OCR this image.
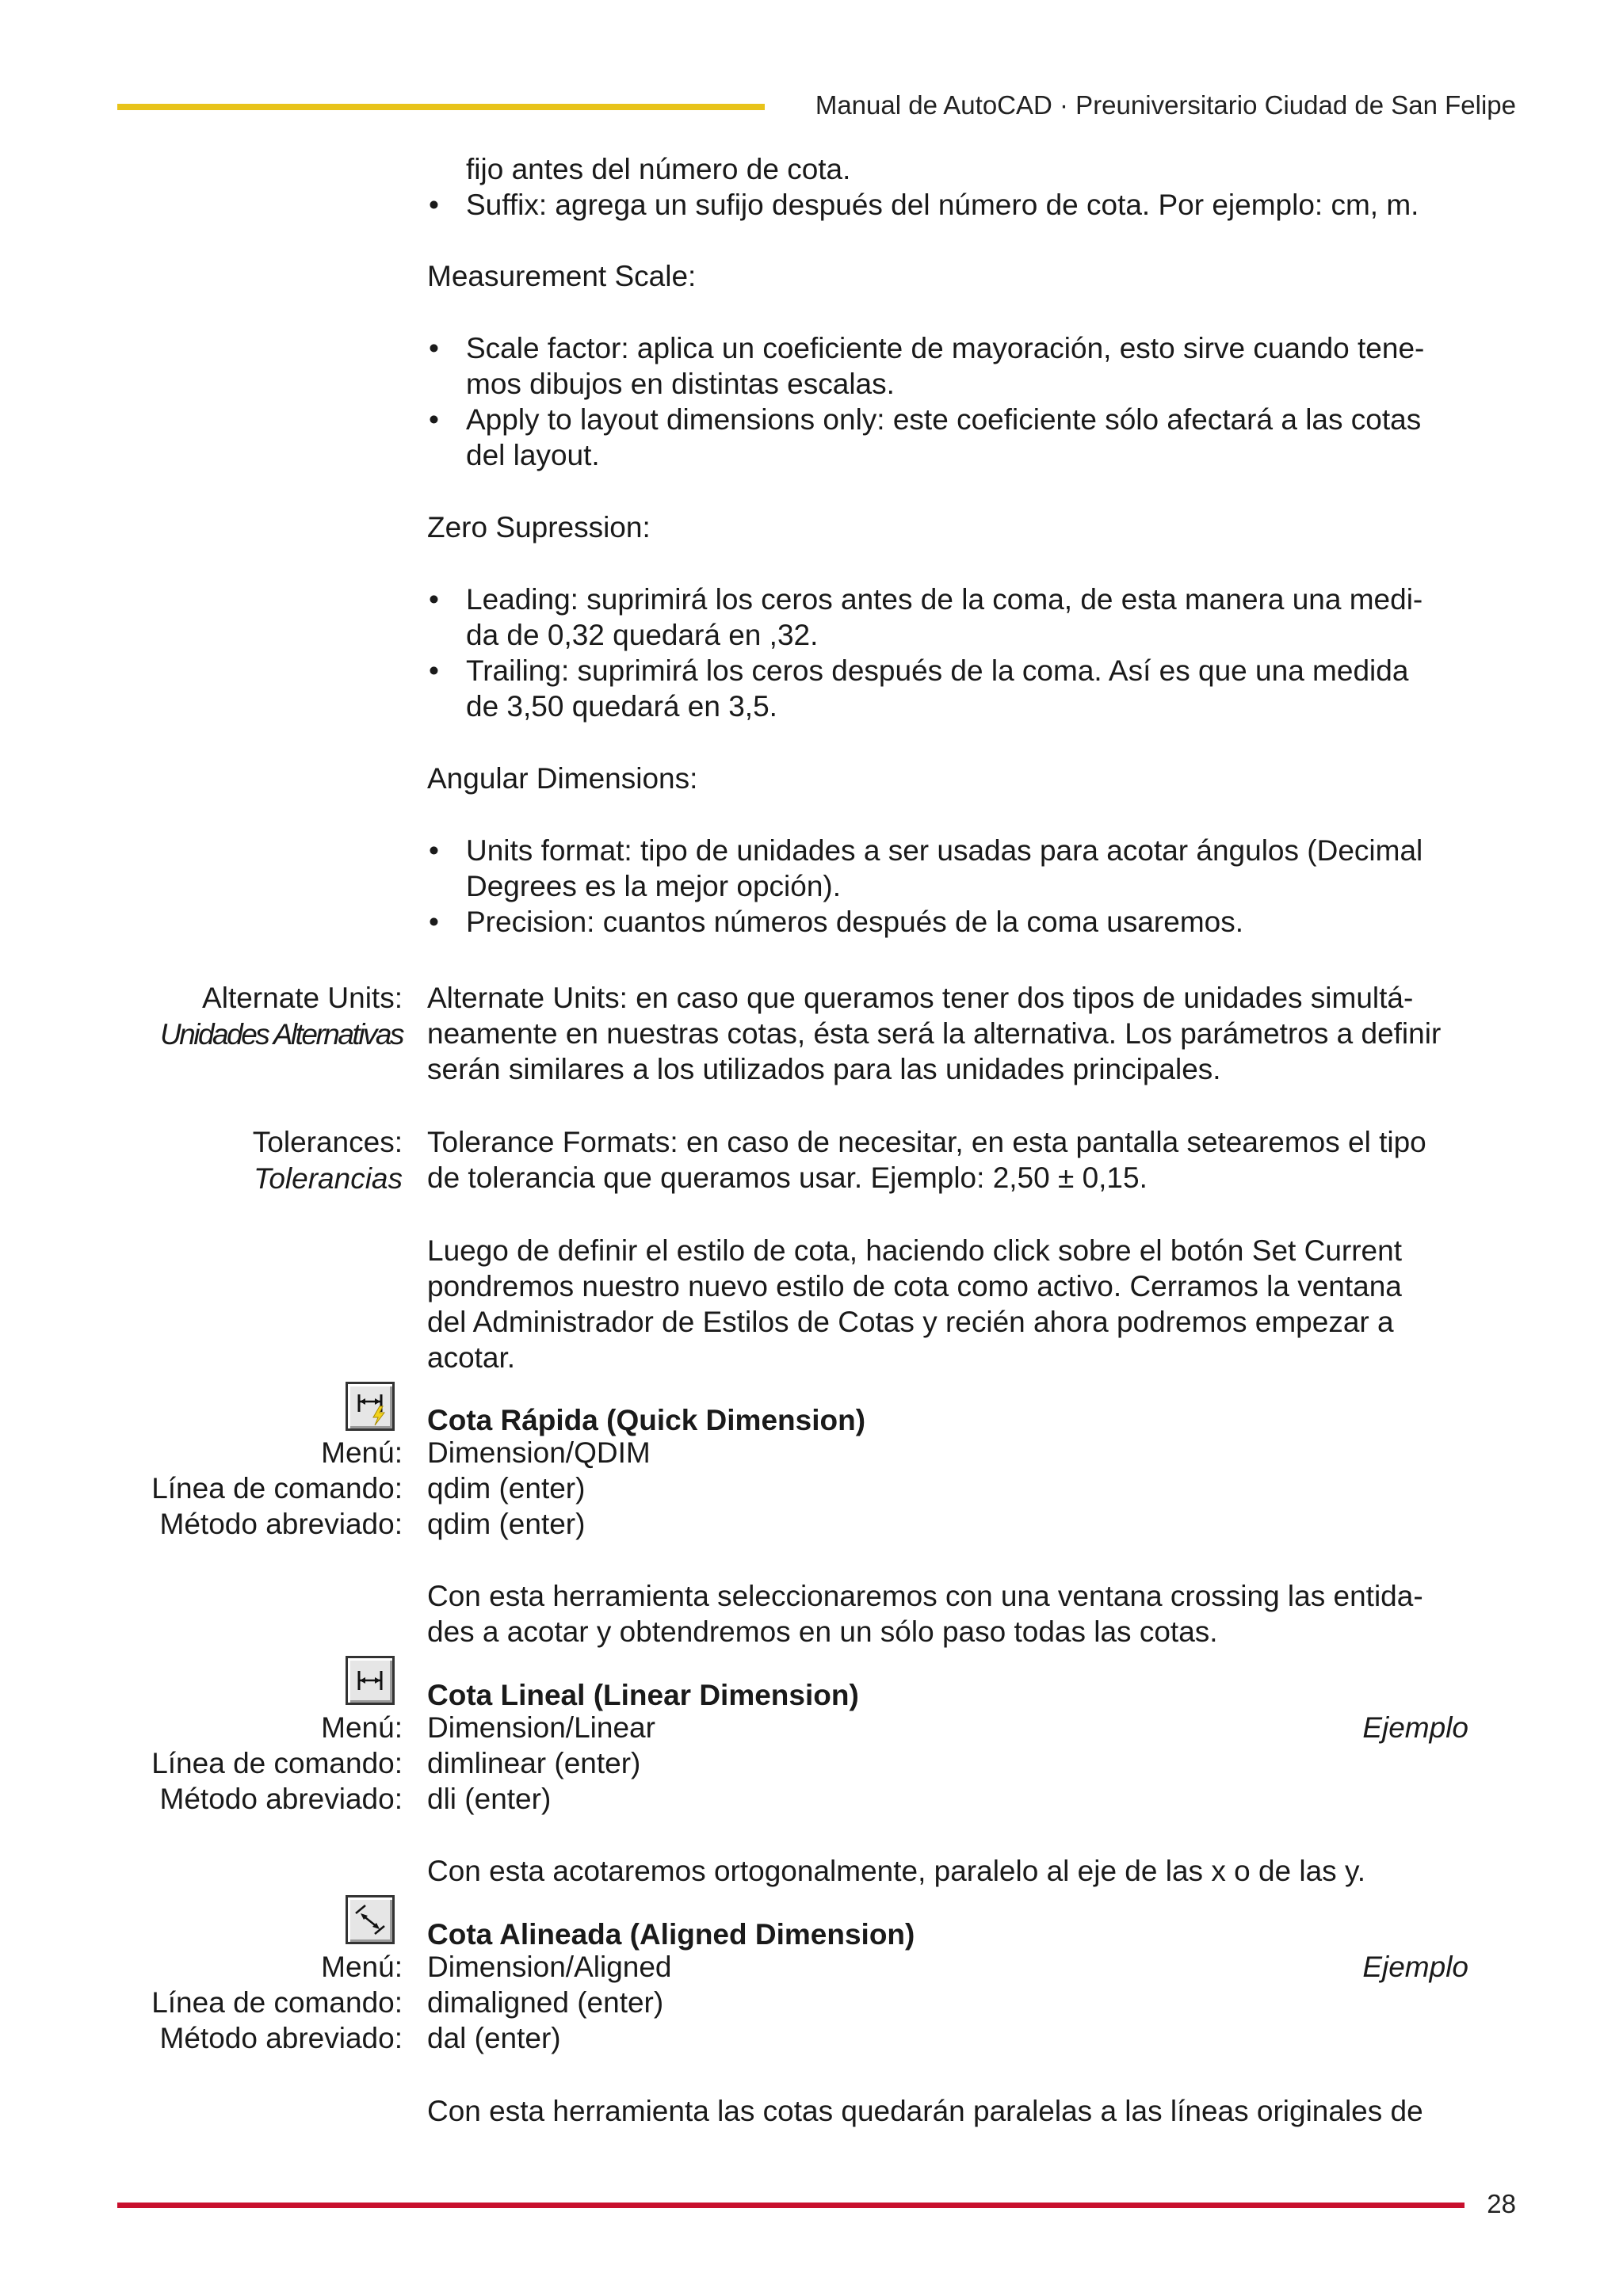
Manual de AutoCAD · Preuniversitario Ciudad de San Felipe
fijo antes del número de cota.
• Suffix: agrega un sufijo después del número de cota. Por ejemplo: cm, m.
Measurement Scale:
• Scale factor: aplica un coeficiente de mayoración, esto sirve cuando tene-
mos dibujos en distintas escalas.
• Apply to layout dimensions only: este coeficiente sólo afectará a las cotas
del layout.
Zero Supression:
• Leading: suprimirá los ceros antes de la coma, de esta manera una medi-
da de 0,32 quedará en ,32.
• Trailing: suprimirá los ceros después de la coma. Así es que una medida
de 3,50 quedará en 3,5.
Angular Dimensions:
• Units format: tipo de unidades a ser usadas para acotar ángulos (Decimal
Degrees es la mejor opción).
• Precision: cuantos números después de la coma usaremos.
Alternate Units:
Unidades Alternativas
Alternate Units: en caso que queramos tener dos tipos de unidades simultá-
neamente en nuestras cotas, ésta será la alternativa. Los parámetros a definir
serán similares a los utilizados para las unidades principales.
Tolerances:
Tolerancias
Tolerance Formats: en caso de necesitar, en esta pantalla setearemos el tipo
de tolerancia que queramos usar. Ejemplo: 2,50 ± 0,15.
Luego de definir el estilo de cota, haciendo click sobre el botón Set Current
pondremos nuestro nuevo estilo de cota como activo. Cerramos la ventana
del Administrador de Estilos de Cotas y recién ahora podremos empezar a
acotar.
Cota Rápida (Quick Dimension)
Menú: Dimension/QDIM
Línea de comando: qdim (enter)
Método abreviado: qdim (enter)
Con esta herramienta seleccionaremos con una ventana crossing las entida-
des a acotar y obtendremos en un sólo paso todas las cotas.
Cota Lineal (Linear Dimension)
Menú: Dimension/Linear	Ejemplo
Línea de comando: dimlinear (enter)
Método abreviado: dli (enter)
Con esta acotaremos ortogonalmente, paralelo al eje de las x o de las y.
Cota Alineada (Aligned Dimension)
Menú: Dimension/Aligned	Ejemplo
Línea de comando: dimaligned (enter)
Método abreviado: dal (enter)
Con esta herramienta las cotas quedarán paralelas a las líneas originales de
28
